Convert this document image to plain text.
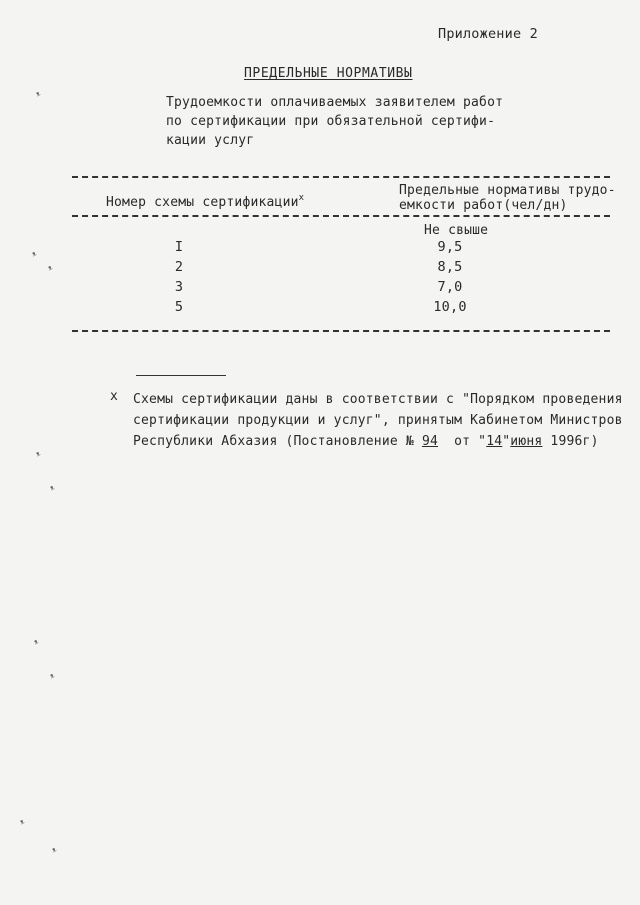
Приложение 2
ПРЕДЕЛЬНЫЕ НОРМАТИВЫ
Трудоемкости оплачиваемых заявителем работ
по сертификации при обязательной сертифи-
кации услуг
Номер схемы сертификации$^x$	Предельные нормативы трудо-
емкости работ(чел/дн)
Не свыше
I	9,5
2	8,5
3	7,0
5	10,0
x Схемы сертификации даны в соответствии с "Порядком проведения
сертификации продукции и услуг", принятым Кабинетом Министров
Республики Абхазия (Постановление № 94  от "14"июня 1996г)
ᵜ
ᵜ
ᵜ
ᵜ
ᵜ
ᵜ
ᵜ
ᵜ
ᵜ
